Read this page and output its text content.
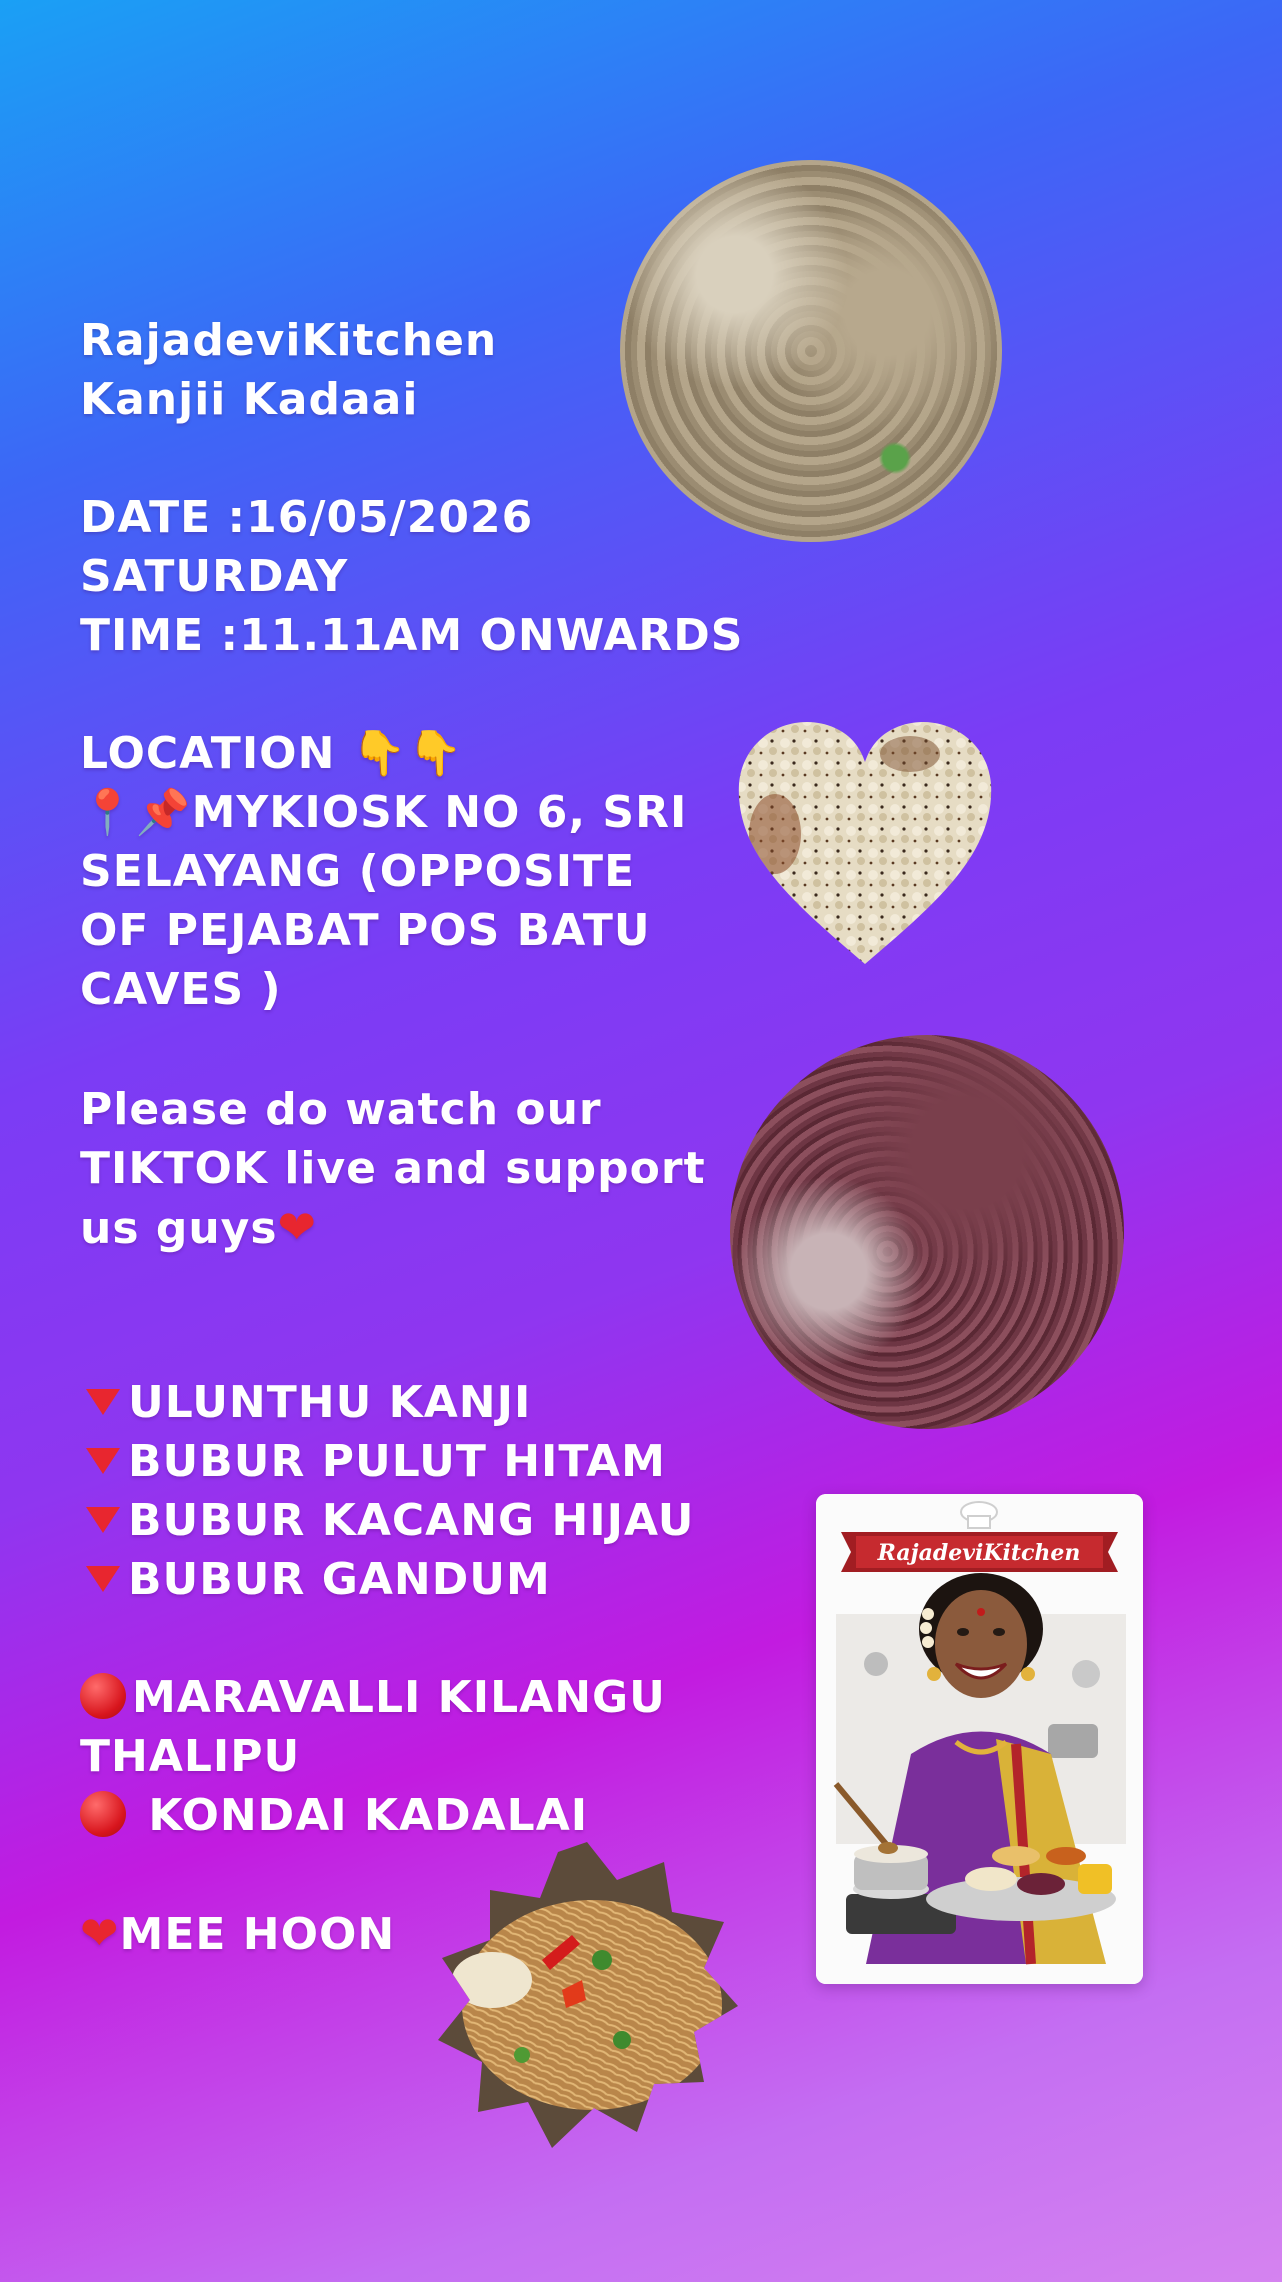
RajadeviKitchen
Kanjii Kadaai
DATE :16/05/2026
SATURDAY
TIME :11.11AM ONWARDS
LOCATION 👇👇
📍📌MYKIOSK NO 6, SRI
SELAYANG (OPPOSITE
OF PEJABAT POS BATU
CAVES )
Please do watch our
TIKTOK live and support
us guys❤
ULUNTHU KANJI
BUBUR PULUT HITAM
BUBUR KACANG HIJAU
BUBUR GANDUM
MARAVALLI KILANGU
THALIPU
KONDAI KADALAI
❤MEE HOON
RajadeviKitchen
